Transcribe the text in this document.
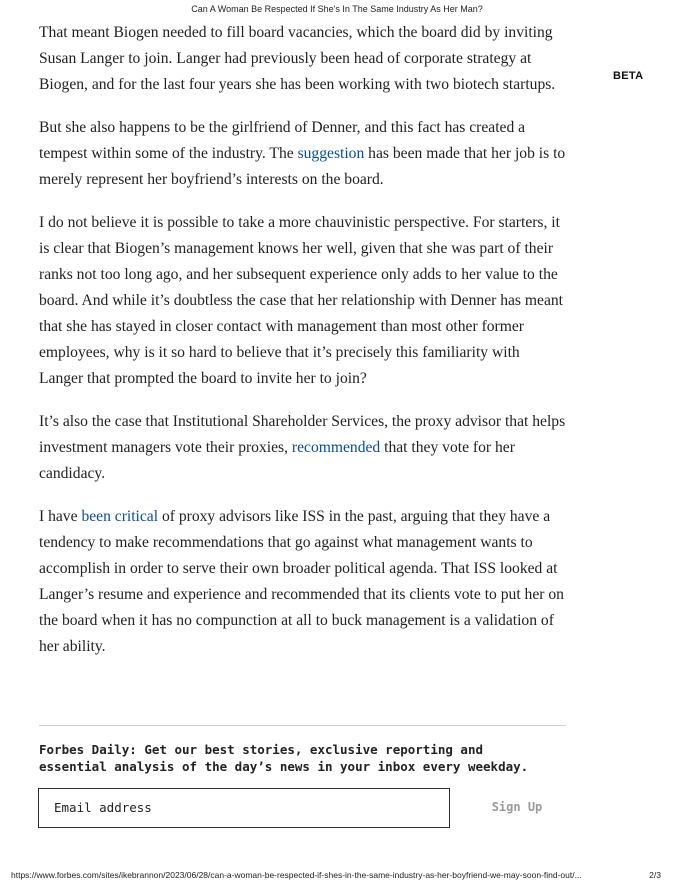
Can A Woman Be Respected If She's In The Same Industry As Her Man?
BETA

That meant Biogen needed to fill board vacancies, which the board did by inviting Susan Langer to join. Langer had previously been head of corporate strategy at Biogen, and for the last four years she has been working with two biotech startups.

But she also happens to be the girlfriend of Denner, and this fact has created a tempest within some of the industry. The suggestion has been made that her job is to merely represent her boyfriend’s interests on the board.

I do not believe it is possible to take a more chauvinistic perspective. For starters, it is clear that Biogen’s management knows her well, given that she was part of their ranks not too long ago, and her subsequent experience only adds to her value to the board. And while it’s doubtless the case that her relationship with Denner has meant that she has stayed in closer contact with management than most other former employees, why is it so hard to believe that it’s precisely this familiarity with Langer that prompted the board to invite her to join?

It’s also the case that Institutional Shareholder Services, the proxy advisor that helps investment managers vote their proxies, recommended that they vote for her candidacy.

I have been critical of proxy advisors like ISS in the past, arguing that they have a tendency to make recommendations that go against what management wants to accomplish in order to serve their own broader political agenda. That ISS looked at Langer’s resume and experience and recommended that its clients vote to put her on the board when it has no compunction at all to buck management is a validation of her ability.

Forbes Daily: Get our best stories, exclusive reporting and essential analysis of the day’s news in your inbox every weekday.
Email address	Sign Up
https://www.forbes.com/sites/ikebrannon/2023/06/28/can-a-woman-be-respected-if-shes-in-the-same-industry-as-her-boyfriend-we-may-soon-find-out/...	2/3
